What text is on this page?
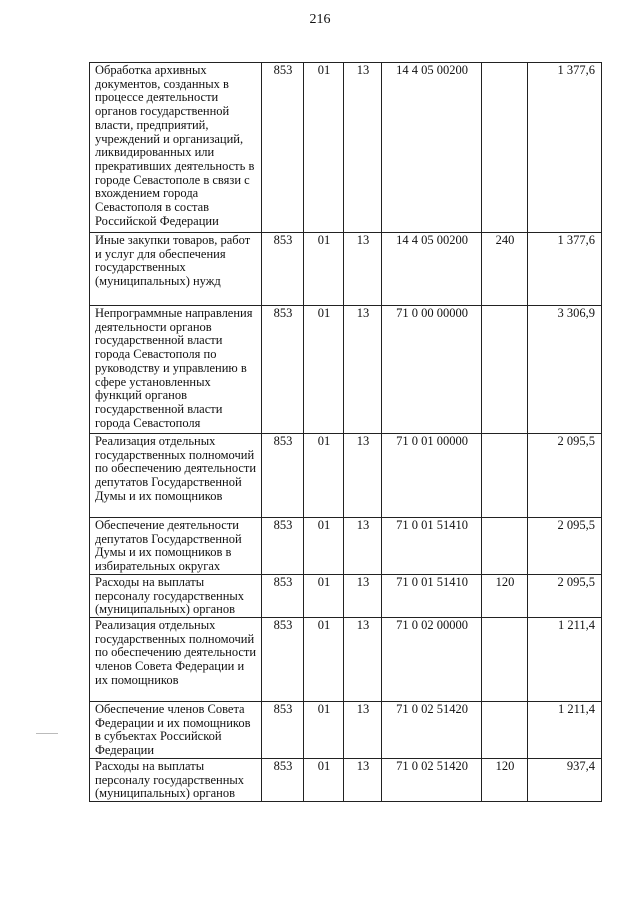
216
Обработка архивных документов, созданных в процессе деятельности органов государственной власти, предприятий, учреждений и организаций, ликвидированных или прекративших деятельность в городе Севастополе в связи с вхождением города Севастополя в состав Российской Федерации	853	01	13	14 4 05 00200		1 377,6
Иные закупки товаров, работ и услуг для обеспечения государственных (муниципальных) нужд	853	01	13	14 4 05 00200	240	1 377,6
Непрограммные направления деятельности органов государственной власти города Севастополя по руководству и управлению в сфере установленных функций органов государственной власти города Севастополя	853	01	13	71 0 00 00000		3 306,9
Реализация отдельных государственных полномочий по обеспечению деятельности депутатов Государственной Думы и их помощников	853	01	13	71 0 01 00000		2 095,5
Обеспечение деятельности депутатов Государственной Думы и их помощников в избирательных округах	853	01	13	71 0 01 51410		2 095,5
Расходы на выплаты персоналу государственных (муниципальных) органов	853	01	13	71 0 01 51410	120	2 095,5
Реализация отдельных государственных полномочий по обеспечению деятельности членов Совета Федерации и их помощников	853	01	13	71 0 02 00000		1 211,4
Обеспечение членов Совета Федерации и их помощников в субъектах Российской Федерации	853	01	13	71 0 02 51420		1 211,4
Расходы на выплаты персоналу государственных (муниципальных) органов	853	01	13	71 0 02 51420	120	937,4
